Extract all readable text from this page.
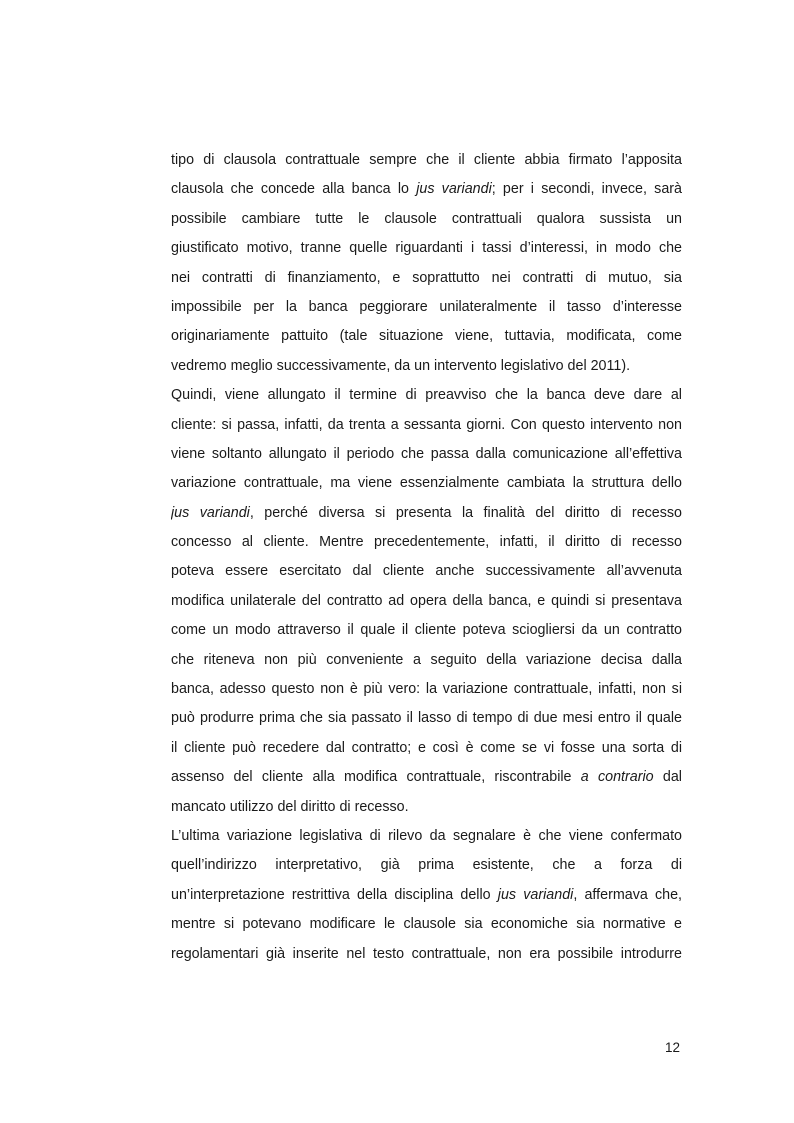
tipo di clausola contrattuale sempre che il cliente abbia firmato l’apposita
clausola che concede alla banca lo jus variandi; per i secondi, invece, sarà
possibile cambiare tutte le clausole contrattuali qualora sussista un
giustificato motivo, tranne quelle riguardanti i tassi d’interessi, in modo che
nei contratti di finanziamento, e soprattutto nei contratti di mutuo, sia
impossibile per la banca peggiorare unilateralmente il tasso d’interesse
originariamente pattuito (tale situazione viene, tuttavia, modificata, come
vedremo meglio successivamente, da un intervento legislativo del 2011).
Quindi, viene allungato il termine di preavviso che la banca deve dare al
cliente: si passa, infatti, da trenta a sessanta giorni. Con questo intervento non
viene soltanto allungato il periodo che passa dalla comunicazione all’effettiva
variazione contrattuale, ma viene essenzialmente cambiata la struttura dello
jus variandi, perché diversa si presenta la finalità del diritto di recesso
concesso al cliente. Mentre precedentemente, infatti, il diritto di recesso
poteva essere esercitato dal cliente anche successivamente all’avvenuta
modifica unilaterale del contratto ad opera della banca, e quindi si presentava
come un modo attraverso il quale il cliente poteva sciogliersi da un contratto
che riteneva non più conveniente a seguito della variazione decisa dalla
banca, adesso questo non è più vero: la variazione contrattuale, infatti, non si
può produrre prima che sia passato il lasso di tempo di due mesi entro il quale
il cliente può recedere dal contratto; e così è come se vi fosse una sorta di
assenso del cliente alla modifica contrattuale, riscontrabile a contrario dal
mancato utilizzo del diritto di recesso.
L’ultima variazione legislativa di rilevo da segnalare è che viene confermato
quell’indirizzo interpretativo, già prima esistente, che a forza di
un’interpretazione restrittiva della disciplina dello jus variandi, affermava che,
mentre si potevano modificare le clausole sia economiche sia normative e
regolamentari già inserite nel testo contrattuale, non era possibile introdurre
12
